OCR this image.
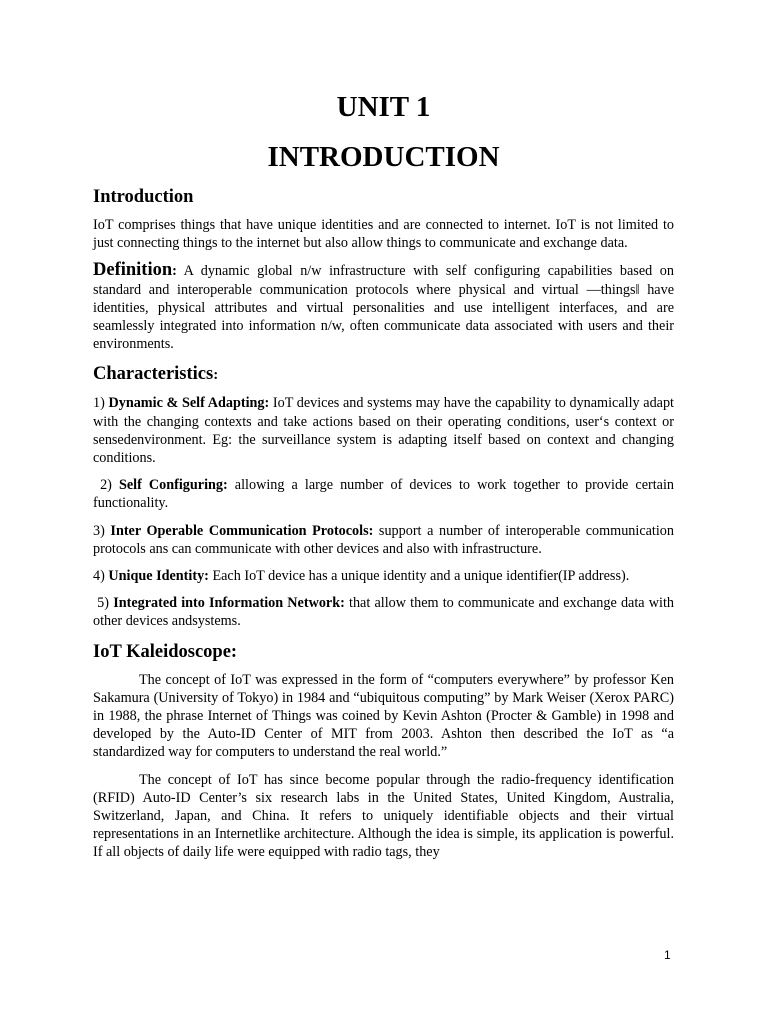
UNIT 1
INTRODUCTION
Introduction

IoT comprises things that have unique identities and are connected to internet. IoT is not limited to just connecting things to the internet but also allow things to communicate and exchange data.

Definition: A dynamic global n/w infrastructure with self configuring capabilities based on standard and interoperable communication protocols where physical and virtual ―things‖ have identities, physical attributes and virtual personalities and use intelligent interfaces, and are seamlessly integrated into information n/w, often communicate data associated with users and their environments.

Characteristics:

1) Dynamic & Self Adapting: IoT devices and systems may have the capability to dynamically adapt with the changing contexts and take actions based on their operating conditions, user‘s context or sensedenvironment. Eg: the surveillance system is adapting itself based on context and changing conditions.

2) Self Configuring: allowing a large number of devices to work together to provide certain functionality.

3) Inter Operable Communication Protocols: support a number of interoperable communication protocols ans can communicate with other devices and also with infrastructure.

4) Unique Identity: Each IoT device has a unique identity and a unique identifier(IP address).

5) Integrated into Information Network: that allow them to communicate and exchange data with other devices andsystems.

IoT Kaleidoscope:

The concept of IoT was expressed in the form of “computers everywhere” by professor Ken Sakamura (University of Tokyo) in 1984 and “ubiquitous computing” by Mark Weiser (Xerox PARC) in 1988, the phrase Internet of Things was coined by Kevin Ashton (Procter & Gamble) in 1998 and developed by the Auto-ID Center of MIT from 2003. Ashton then described the IoT as “a standardized way for computers to understand the real world.”

The concept of IoT has since become popular through the radio-frequency identification (RFID) Auto-ID Center’s six research labs in the United States, United Kingdom, Australia, Switzerland, Japan, and China. It refers to uniquely identifiable objects and their virtual representations in an Internetlike architecture. Although the idea is simple, its application is powerful. If all objects of daily life were equipped with radio tags, they

1
